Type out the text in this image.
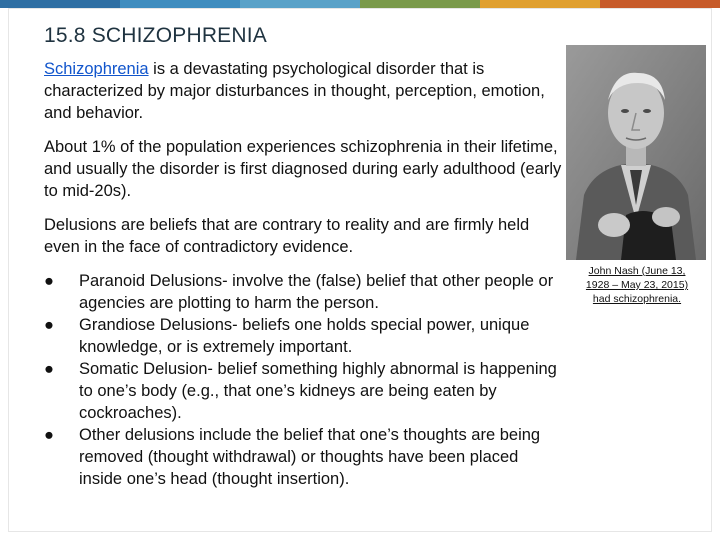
15.8 SCHIZOPHRENIA

Schizophrenia is a devastating psychological disorder that is characterized by major disturbances in thought, perception, emotion, and behavior.

About 1% of the population experiences schizophrenia in their lifetime, and usually the disorder is first diagnosed during early adulthood (early to mid-20s).

Delusions are beliefs that are contrary to reality and are firmly held even in the face of contradictory evidence.

●	Paranoid Delusions- involve the (false) belief that other people or agencies are plotting to harm the person.
●	Grandiose Delusions- beliefs one holds special power, unique knowledge, or is extremely important.
●	Somatic Delusion- belief something highly abnormal is happening to one’s body (e.g., that one’s kidneys are being eaten by cockroaches).
●	Other delusions include the belief that one’s thoughts are being removed (thought withdrawal) or thoughts have been placed inside one’s head (thought insertion).
John Nash (June 13, 1928 – May 23, 2015) had schizophrenia.
